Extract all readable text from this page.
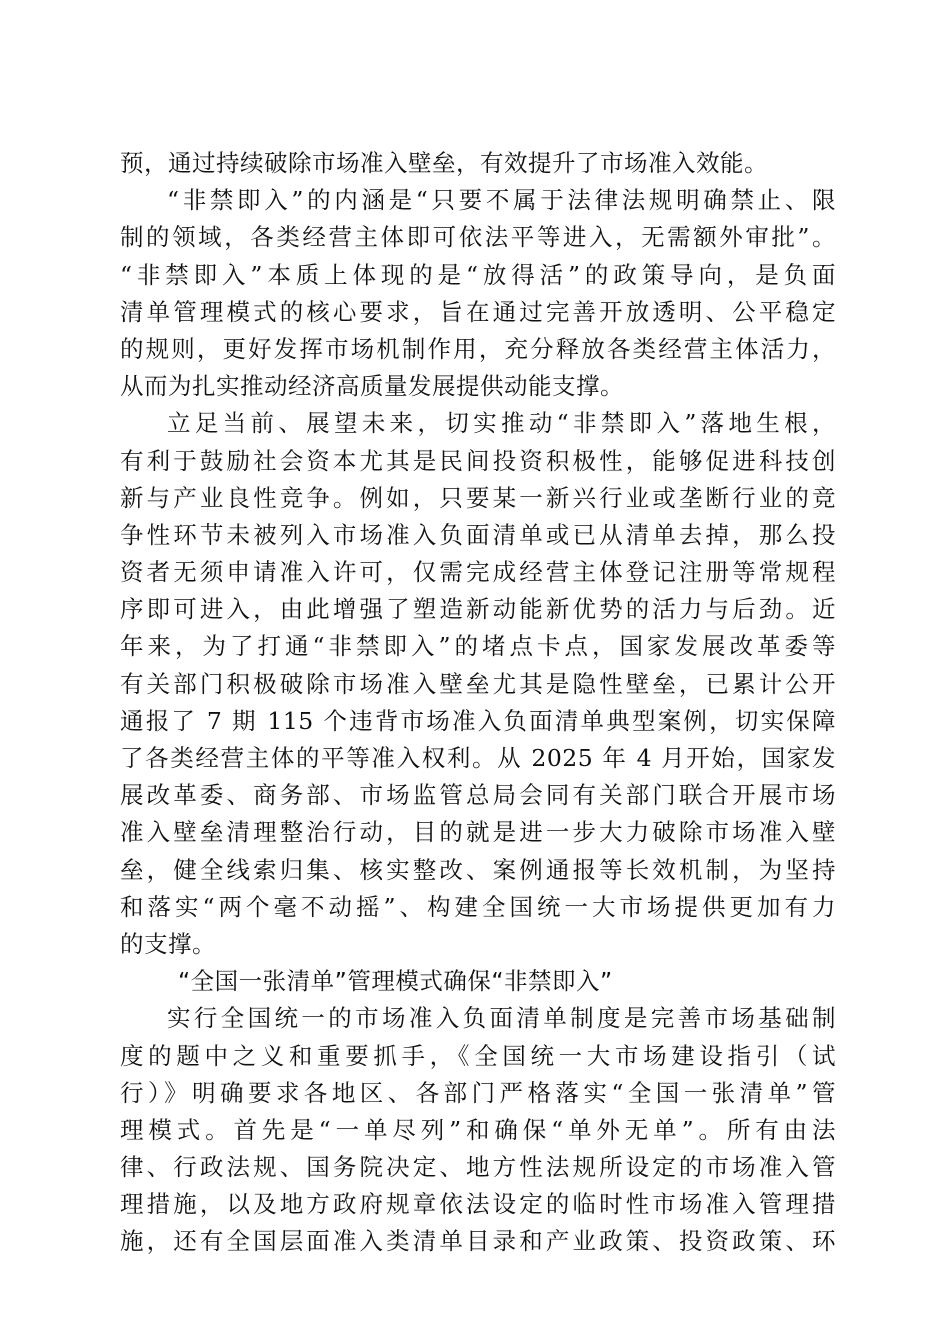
预，通过持续破除市场准入壁垒，有效提升了市场准入效能。
“非禁即入”的内涵是“只要不属于法律法规明确禁止、限
制的领域，各类经营主体即可依法平等进入，无需额外审批”。
“非禁即入”本质上体现的是“放得活”的政策导向，是负面
清单管理模式的核心要求，旨在通过完善开放透明、公平稳定
的规则，更好发挥市场机制作用，充分释放各类经营主体活力，
从而为扎实推动经济高质量发展提供动能支撑。
立足当前、展望未来，切实推动“非禁即入”落地生根，
有利于鼓励社会资本尤其是民间投资积极性，能够促进科技创
新与产业良性竞争。例如，只要某一新兴行业或垄断行业的竞
争性环节未被列入市场准入负面清单或已从清单去掉，那么投
资者无须申请准入许可，仅需完成经营主体登记注册等常规程
序即可进入，由此增强了塑造新动能新优势的活力与后劲。近
年来，为了打通“非禁即入”的堵点卡点，国家发展改革委等
有关部门积极破除市场准入壁垒尤其是隐性壁垒，已累计公开
通报了 7 期 115 个违背市场准入负面清单典型案例，切实保障
了各类经营主体的平等准入权利。从 2025 年 4 月开始，国家发
展改革委、商务部、市场监管总局会同有关部门联合开展市场
准入壁垒清理整治行动，目的就是进一步大力破除市场准入壁
垒，健全线索归集、核实整改、案例通报等长效机制，为坚持
和落实“两个毫不动摇”、构建全国统一大市场提供更加有力
的支撑。
“全国一张清单”管理模式确保“非禁即入”
实行全国统一的市场准入负面清单制度是完善市场基础制
度的题中之义和重要抓手，《全国统一大市场建设指引（试
行）》明确要求各地区、各部门严格落实“全国一张清单”管
理模式。首先是“一单尽列”和确保“单外无单”。所有由法
律、行政法规、国务院决定、地方性法规所设定的市场准入管
理措施，以及地方政府规章依法设定的临时性市场准入管理措
施，还有全国层面准入类清单目录和产业政策、投资政策、环
